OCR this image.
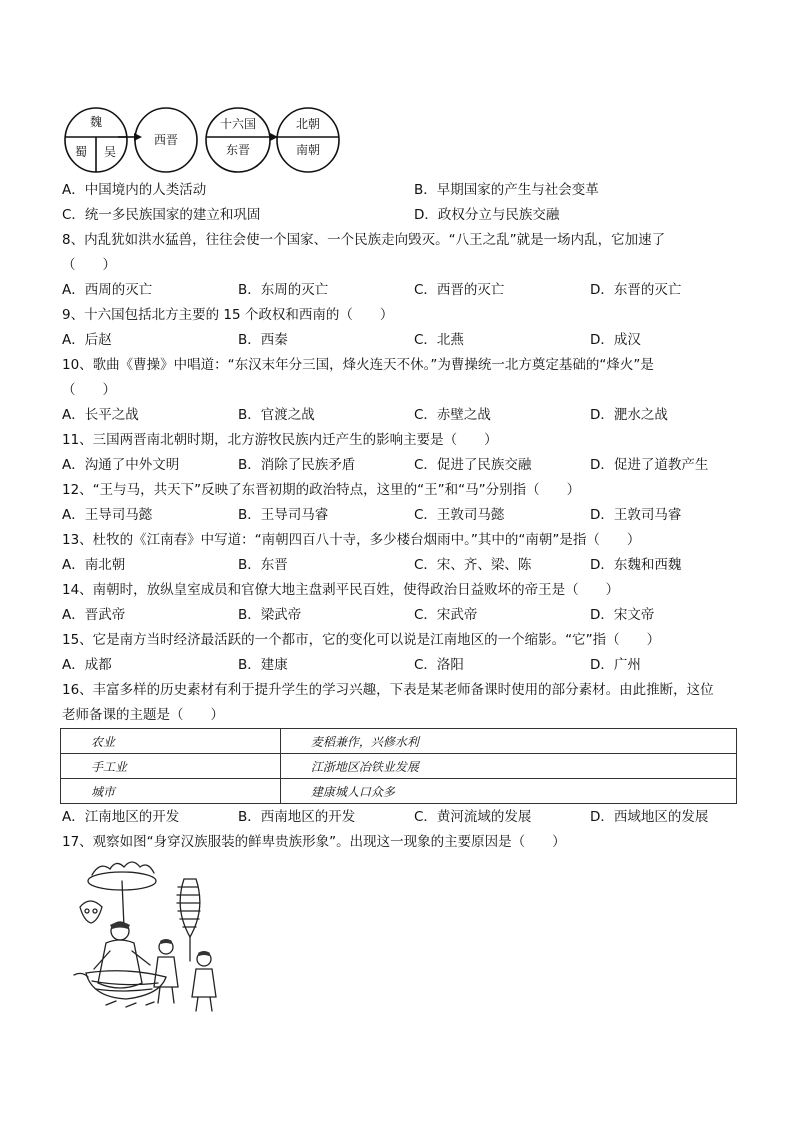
魏
蜀 吴
西晋
十六国
东晋
北朝
南朝
A．中国境内的人类活动	B．早期国家的产生与社会变革
C．统一多民族国家的建立和巩固	D．政权分立与民族交融
8、内乱犹如洪水猛兽，往往会使一个国家、一个民族走向毁灭。“八王之乱”就是一场内乱，它加速了
（　　）
A．西周的灭亡	B．东周的灭亡	C．西晋的灭亡	D．东晋的灭亡
9、十六国包括北方主要的 15 个政权和西南的（　　）
A．后赵	B．西秦	C．北燕	D．成汉
10、歌曲《曹操》中唱道：“东汉末年分三国，烽火连天不休。”为曹操统一北方奠定基础的“烽火”是
（　　）
A．长平之战	B．官渡之战	C．赤壁之战	D．淝水之战
11、三国两晋南北朝时期，北方游牧民族内迁产生的影响主要是（　　）
A．沟通了中外文明	B．消除了民族矛盾	C．促进了民族交融	D．促进了道教产生
12、“王与马，共天下”反映了东晋初期的政治特点，这里的“王”和“马”分别指（　　）
A．王导司马懿	B．王导司马睿	C．王敦司马懿	D．王敦司马睿
13、杜牧的《江南春》中写道：“南朝四百八十寺，多少楼台烟雨中。”其中的“南朝”是指（　　）
A．南北朝	B．东晋	C．宋、齐、梁、陈	D．东魏和西魏
14、南朝时，放纵皇室成员和官僚大地主盘剥平民百姓，使得政治日益败坏的帝王是（　　）
A．晋武帝	B．梁武帝	C．宋武帝	D．宋文帝
15、它是南方当时经济最活跃的一个都市，它的变化可以说是江南地区的一个缩影。“它”指（　　）
A．成都	B．建康	C．洛阳	D．广州
16、丰富多样的历史素材有利于提升学生的学习兴趣，下表是某老师备课时使用的部分素材。由此推断，这位
老师备课的主题是（　　）
农业	麦稻兼作，兴修水利
手工业	江浙地区冶铁业发展
城市	建康城人口众多
A．江南地区的开发	B．西南地区的开发	C．黄河流域的发展	D．西域地区的发展
17、观察如图“身穿汉族服装的鲜卑贵族形象”。出现这一现象的主要原因是（　　）
